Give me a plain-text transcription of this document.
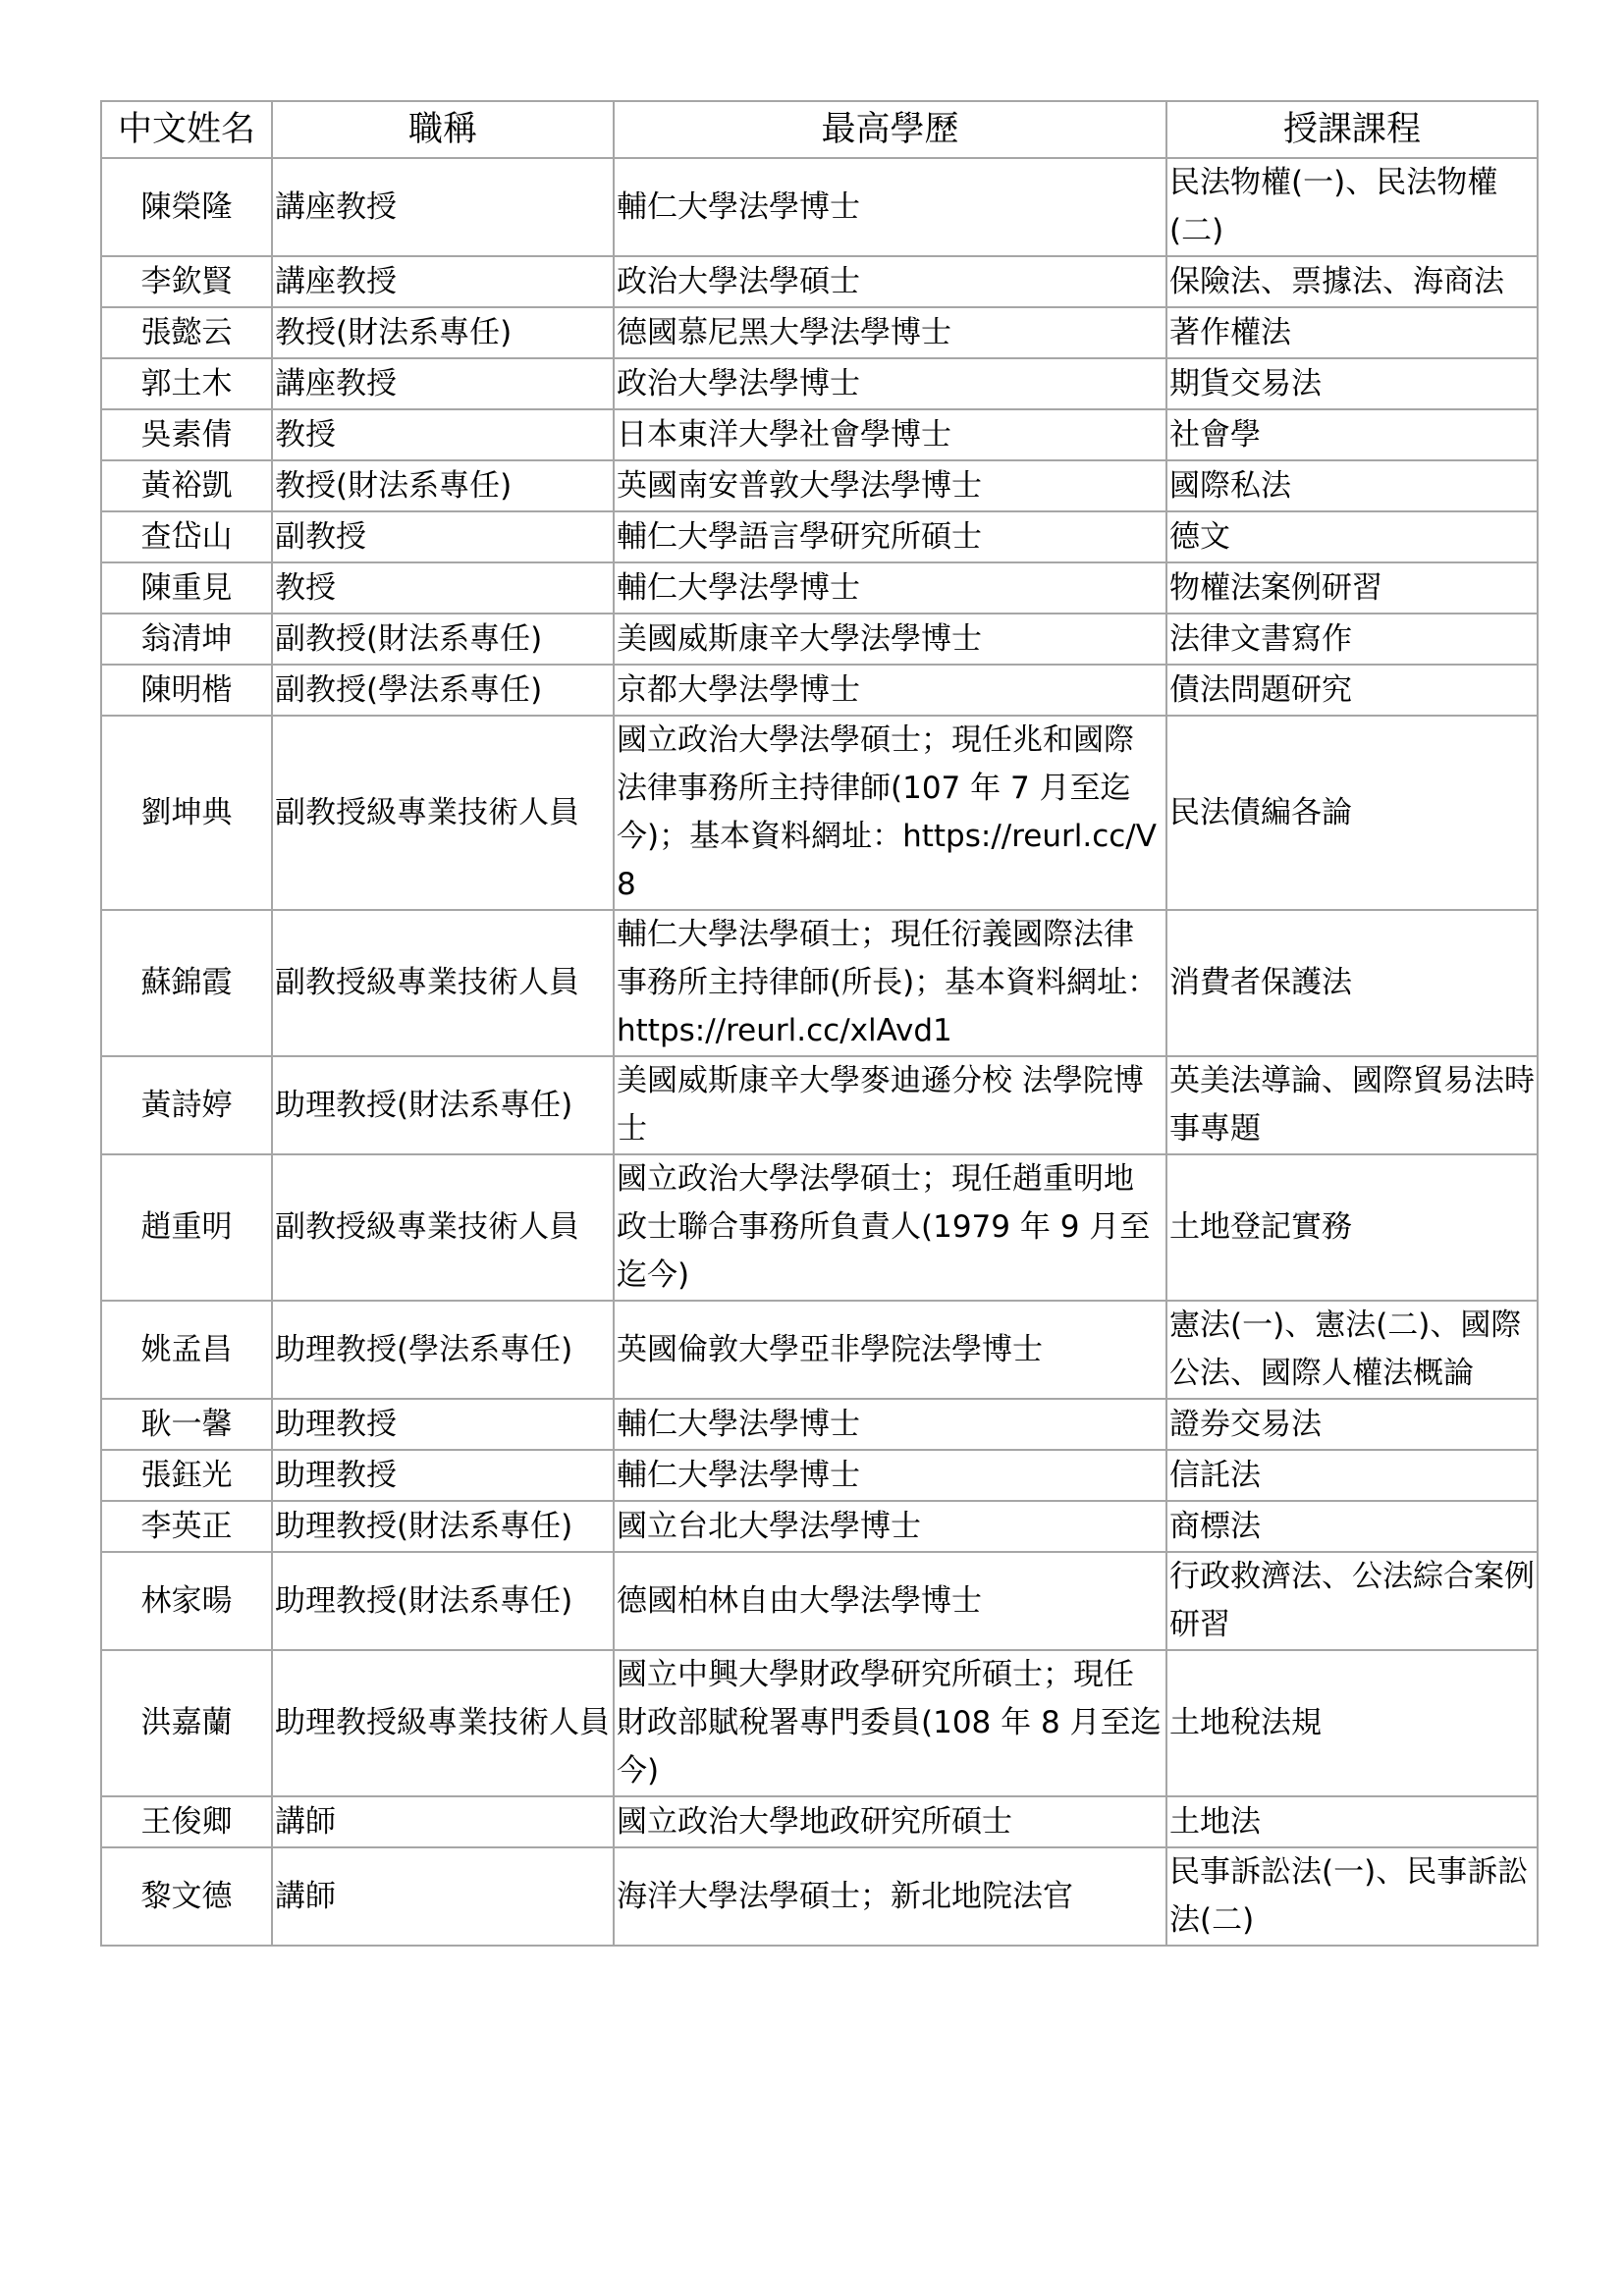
中文姓名	職稱	最高學歷	授課課程
陳榮隆	講座教授	輔仁大學法學博士	民法物權(一)、民法物權(二)
李欽賢	講座教授	政治大學法學碩士	保險法、票據法、海商法
張懿云	教授(財法系專任)	德國慕尼黑大學法學博士	著作權法
郭土木	講座教授	政治大學法學博士	期貨交易法
吳素倩	教授	日本東洋大學社會學博士	社會學
黃裕凱	教授(財法系專任)	英國南安普敦大學法學博士	國際私法
查岱山	副教授	輔仁大學語言學研究所碩士	德文
陳重見	教授	輔仁大學法學博士	物權法案例研習
翁清坤	副教授(財法系專任)	美國威斯康辛大學法學博士	法律文書寫作
陳明楷	副教授(學法系專任)	京都大學法學博士	債法問題研究
劉坤典	副教授級專業技術人員	國立政治大學法學碩士；現任兆和國際法律事務所主持律師(107 年 7 月至迄今)；基本資料網址：https://reurl.cc/V8	民法債編各論
蘇錦霞	副教授級專業技術人員	輔仁大學法學碩士；現任衍義國際法律事務所主持律師(所長)；基本資料網址：https://reurl.cc/xlAvd1	消費者保護法
黃詩婷	助理教授(財法系專任)	美國威斯康辛大學麥迪遜分校 法學院博士	英美法導論、國際貿易法時事專題
趙重明	副教授級專業技術人員	國立政治大學法學碩士；現任趙重明地政士聯合事務所負責人(1979 年 9 月至迄今)	土地登記實務
姚孟昌	助理教授(學法系專任)	英國倫敦大學亞非學院法學博士	憲法(一)、憲法(二)、國際公法、國際人權法概論
耿一馨	助理教授	輔仁大學法學博士	證券交易法
張鈺光	助理教授	輔仁大學法學博士	信託法
李英正	助理教授(財法系專任)	國立台北大學法學博士	商標法
林家暘	助理教授(財法系專任)	德國柏林自由大學法學博士	行政救濟法、公法綜合案例研習
洪嘉蘭	助理教授級專業技術人員	國立中興大學財政學研究所碩士；現任財政部賦稅署專門委員(108 年 8 月至迄今)	土地稅法規
王俊卿	講師	國立政治大學地政研究所碩士	土地法
黎文德	講師	海洋大學法學碩士；新北地院法官	民事訴訟法(一)、民事訴訟法(二)
